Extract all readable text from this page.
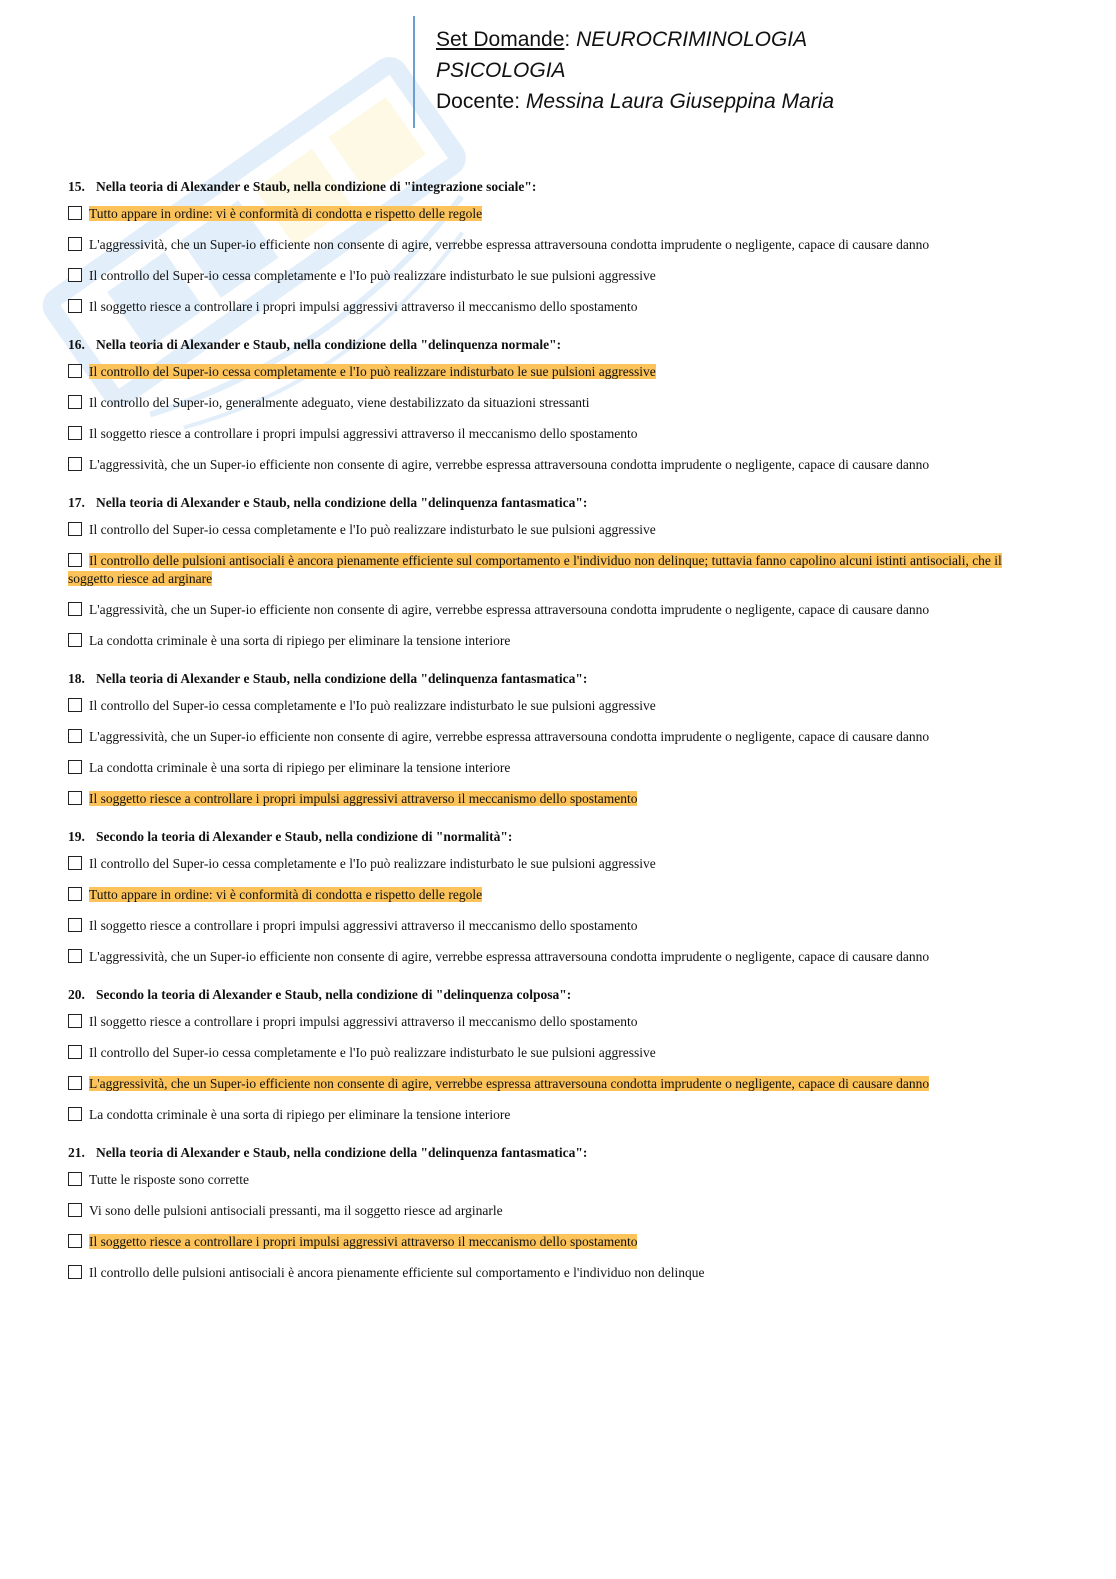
Set Domande: NEUROCRIMINOLOGIA
PSICOLOGIA
Docente: Messina Laura Giuseppina Maria
15. Nella teoria di Alexander e Staub, nella condizione di "integrazione sociale":
Tutto appare in ordine: vi è conformità di condotta e rispetto delle regole
L'aggressività, che un Super-io efficiente non consente di agire, verrebbe espressa attraversouna condotta imprudente o negligente, capace di causare danno
Il controllo del Super-io cessa completamente e l'Io può realizzare indisturbato le sue pulsioni aggressive
Il soggetto riesce a controllare i propri impulsi aggressivi attraverso il meccanismo dello spostamento
16. Nella teoria di Alexander e Staub, nella condizione della "delinquenza normale":
Il controllo del Super-io cessa completamente e l'Io può realizzare indisturbato le sue pulsioni aggressive
Il controllo del Super-io, generalmente adeguato, viene destabilizzato da situazioni stressanti
Il soggetto riesce a controllare i propri impulsi aggressivi attraverso il meccanismo dello spostamento
L'aggressività, che un Super-io efficiente non consente di agire, verrebbe espressa attraversouna condotta imprudente o negligente, capace di causare danno
17. Nella teoria di Alexander e Staub, nella condizione della "delinquenza fantasmatica":
Il controllo del Super-io cessa completamente e l'Io può realizzare indisturbato le sue pulsioni aggressive
Il controllo delle pulsioni antisociali è ancora pienamente efficiente sul comportamento e l'individuo non delinque; tuttavia fanno capolino alcuni istinti antisociali, che il soggetto riesce ad arginare
L'aggressività, che un Super-io efficiente non consente di agire, verrebbe espressa attraversouna condotta imprudente o negligente, capace di causare danno
La condotta criminale è una sorta di ripiego per eliminare la tensione interiore
18. Nella teoria di Alexander e Staub, nella condizione della "delinquenza fantasmatica":
Il controllo del Super-io cessa completamente e l'Io può realizzare indisturbato le sue pulsioni aggressive
L'aggressività, che un Super-io efficiente non consente di agire, verrebbe espressa attraversouna condotta imprudente o negligente, capace di causare danno
La condotta criminale è una sorta di ripiego per eliminare la tensione interiore
Il soggetto riesce a controllare i propri impulsi aggressivi attraverso il meccanismo dello spostamento
19. Secondo la teoria di Alexander e Staub, nella condizione di "normalità":
Il controllo del Super-io cessa completamente e l'Io può realizzare indisturbato le sue pulsioni aggressive
Tutto appare in ordine: vi è conformità di condotta e rispetto delle regole
Il soggetto riesce a controllare i propri impulsi aggressivi attraverso il meccanismo dello spostamento
L'aggressività, che un Super-io efficiente non consente di agire, verrebbe espressa attraversouna condotta imprudente o negligente, capace di causare danno
20. Secondo la teoria di Alexander e Staub, nella condizione di "delinquenza colposa":
Il soggetto riesce a controllare i propri impulsi aggressivi attraverso il meccanismo dello spostamento
Il controllo del Super-io cessa completamente e l'Io può realizzare indisturbato le sue pulsioni aggressive
L'aggressività, che un Super-io efficiente non consente di agire, verrebbe espressa attraversouna condotta imprudente o negligente, capace di causare danno
La condotta criminale è una sorta di ripiego per eliminare la tensione interiore
21. Nella teoria di Alexander e Staub, nella condizione della "delinquenza fantasmatica":
Tutte le risposte sono corrette
Vi sono delle pulsioni antisociali pressanti, ma il soggetto riesce ad arginarle
Il soggetto riesce a controllare i propri impulsi aggressivi attraverso il meccanismo dello spostamento
Il controllo delle pulsioni antisociali è ancora pienamente efficiente sul comportamento e l'individuo non delinque
